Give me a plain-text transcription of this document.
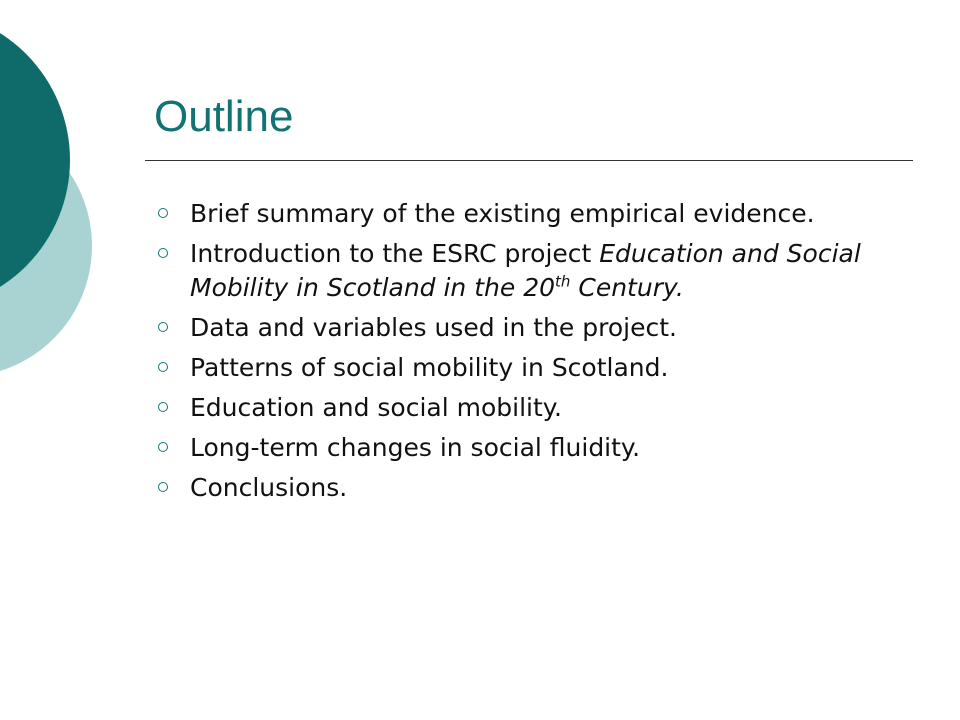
Outline
Brief summary of the existing empirical evidence.
Introduction to the ESRC project Education and Social Mobility in Scotland in the 20th Century.
Data and variables used in the project.
Patterns of social mobility in Scotland.
Education and social mobility.
Long-term changes in social fluidity.
Conclusions.
